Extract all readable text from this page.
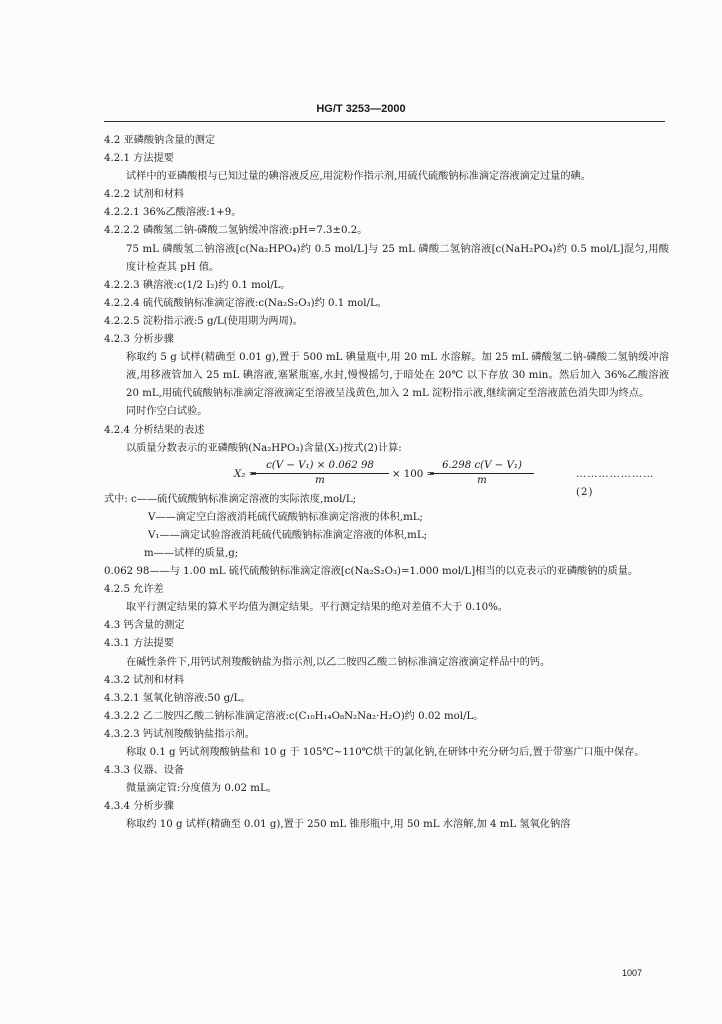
HG/T 3253—2000

4.2 亚磷酸钠含量的测定

4.2.1 方法提要

试样中的亚磷酸根与已知过量的碘溶液反应,用淀粉作指示剂,用硫代硫酸钠标准滴定溶液滴定过量的碘。

4.2.2 试剂和材料

4.2.2.1 36%乙酸溶液:1+9。

4.2.2.2 磷酸氢二钠-磷酸二氢钠缓冲溶液:pH=7.3±0.2。

75 mL 磷酸氢二钠溶液[c(Na₂HPO₄)约 0.5 mol/L]与 25 mL 磷酸二氢钠溶液[c(NaH₂PO₄)约 0.5 mol/L]混匀,用酸度计检查其 pH 值。

4.2.2.3 碘溶液:c(1/2 I₂)约 0.1 mol/L。

4.2.2.4 硫代硫酸钠标准滴定溶液:c(Na₂S₂O₃)约 0.1 mol/L。

4.2.2.5 淀粉指示液:5 g/L(使用期为两周)。

4.2.3 分析步骤

称取约 5 g 试样(精确至 0.01 g),置于 500 mL 碘量瓶中,用 20 mL 水溶解。加 25 mL 磷酸氢二钠-磷酸二氢钠缓冲溶液,用移液管加入 25 mL 碘溶液,塞紧瓶塞,水封,慢慢摇匀,于暗处在 20℃ 以下存放 30 min。然后加入 36%乙酸溶液 20 mL,用硫代硫酸钠标准滴定溶液滴定至溶液呈浅黄色,加入 2 mL 淀粉指示液,继续滴定至溶液蓝色消失即为终点。

同时作空白试验。

4.2.4 分析结果的表述

以质量分数表示的亚磷酸钠(Na₂HPO₃)含量(X₂)按式(2)计算:

X₂ =
$\frac{\text{c(V − V₁) × 0.062 98}}{m} \times 100$ =
$\frac{\text{6.298 c(V − V₁)}}{m}$	…………………(2)

式中: c——硫代硫酸钠标准滴定溶液的实际浓度,mol/L;

V——滴定空白溶液消耗硫代硫酸钠标准滴定溶液的体积,mL;

V₁——滴定试验溶液消耗硫代硫酸钠标准滴定溶液的体积,mL;

m——试样的质量,g;

0.062 98——与 1.00 mL 硫代硫酸钠标准滴定溶液[c(Na₂S₂O₃)=1.000 mol/L]相当的以克表示的亚磷酸钠的质量。

4.2.5 允许差

取平行测定结果的算术平均值为测定结果。平行测定结果的绝对差值不大于 0.10%。

4.3 钙含量的测定

4.3.1 方法提要

在碱性条件下,用钙试剂羧酸钠盐为指示剂,以乙二胺四乙酸二钠标准滴定溶液滴定样品中的钙。

4.3.2 试剂和材料

4.3.2.1 氢氧化钠溶液:50 g/L。

4.3.2.2 乙二胺四乙酸二钠标准滴定溶液:c(C₁₀H₁₄O₈N₂Na₂·H₂O)约 0.02 mol/L。

4.3.2.3 钙试剂羧酸钠盐指示剂。

称取 0.1 g 钙试剂羧酸钠盐和 10 g 于 105℃~110℃烘干的氯化钠,在研钵中充分研匀后,置于带塞广口瓶中保存。

4.3.3 仪器、设备

微量滴定管:分度值为 0.02 mL。

4.3.4 分析步骤

称取约 10 g 试样(精确至 0.01 g),置于 250 mL 锥形瓶中,用 50 mL 水溶解,加 4 mL 氢氧化钠溶

1007
